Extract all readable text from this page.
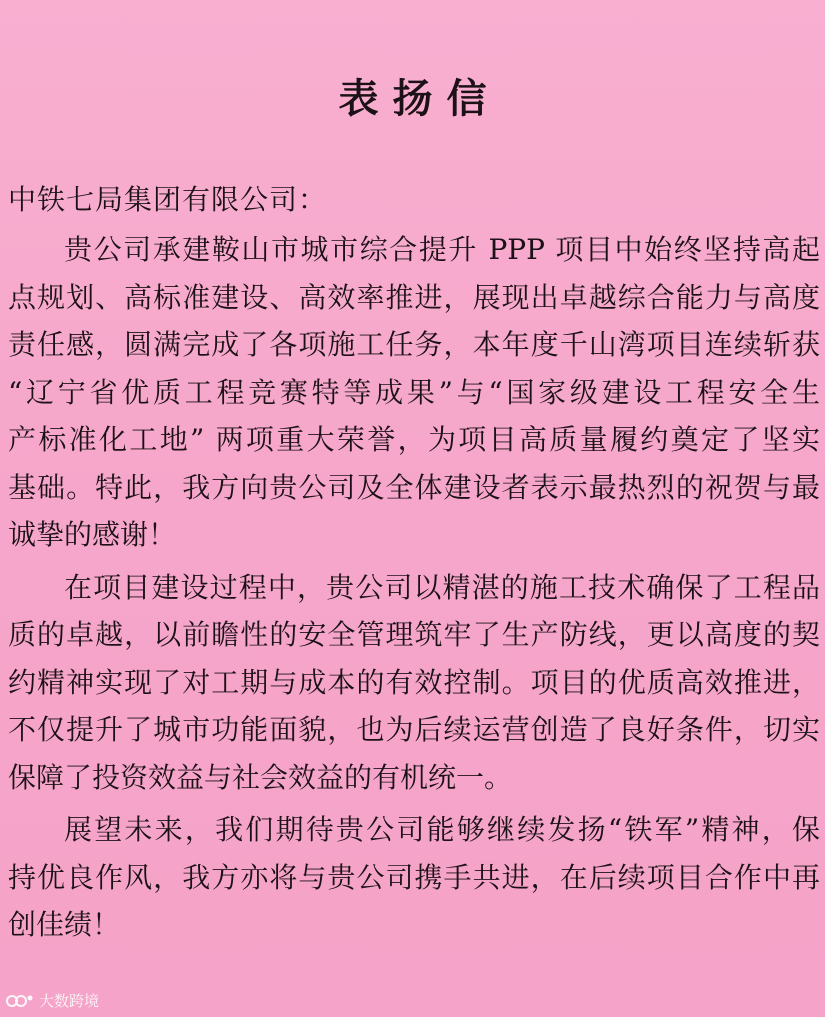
表扬信

中铁七局集团有限公司：

贵公司承建鞍山市城市综合提升 PPP 项目中始终坚持高起
点规划、高标准建设、高效率推进，展现出卓越综合能力与高度
责任感，圆满完成了各项施工任务，本年度千山湾项目连续斩获
“辽宁省优质工程竞赛特等成果”与“国家级建设工程安全生
产标准化工地” 两项重大荣誉，为项目高质量履约奠定了坚实
基础。特此，我方向贵公司及全体建设者表示最热烈的祝贺与最
诚挚的感谢！
在项目建设过程中，贵公司以精湛的施工技术确保了工程品
质的卓越，以前瞻性的安全管理筑牢了生产防线，更以高度的契
约精神实现了对工期与成本的有效控制。项目的优质高效推进，
不仅提升了城市功能面貌，也为后续运营创造了良好条件，切实
保障了投资效益与社会效益的有机统一。
展望未来，我们期待贵公司能够继续发扬“铁军”精神，保
持优良作风，我方亦将与贵公司携手共进，在后续项目合作中再
创佳绩！
大数跨境
